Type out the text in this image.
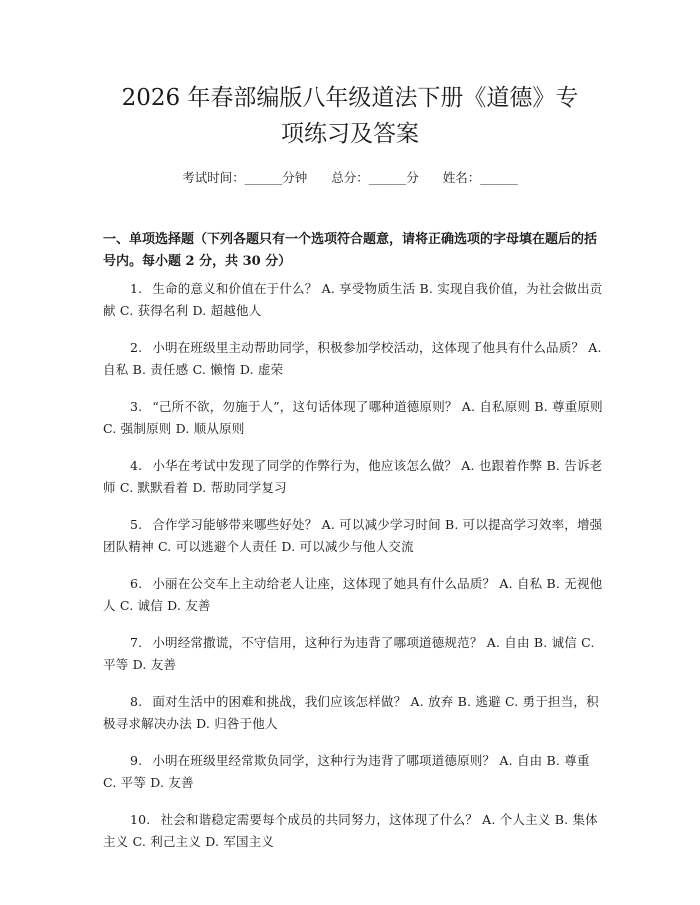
2026 年春部编版八年级道法下册《道德》专
项练习及答案
考试时间：______分钟 总分：______分 姓名：______

一、单项选择题（下列各题只有一个选项符合题意，请将正确选项的字母填在题后的括号内。每小题 2 分，共 30 分）

1. 生命的意义和价值在于什么？ A. 享受物质生活 B. 实现自我价值，为社会做出贡献 C. 获得名利 D. 超越他人

2. 小明在班级里主动帮助同学，积极参加学校活动，这体现了他具有什么品质？ A. 自私 B. 责任感 C. 懒惰 D. 虚荣

3. “己所不欲，勿施于人”，这句话体现了哪种道德原则？ A. 自私原则 B. 尊重原则 C. 强制原则 D. 顺从原则

4. 小华在考试中发现了同学的作弊行为，他应该怎么做？ A. 也跟着作弊 B. 告诉老师 C. 默默看着 D. 帮助同学复习

5. 合作学习能够带来哪些好处？ A. 可以减少学习时间 B. 可以提高学习效率，增强团队精神 C. 可以逃避个人责任 D. 可以减少与他人交流

6. 小丽在公交车上主动给老人让座，这体现了她具有什么品质？ A. 自私 B. 无视他人 C. 诚信 D. 友善

7. 小明经常撒谎，不守信用，这种行为违背了哪项道德规范？ A. 自由 B. 诚信 C. 平等 D. 友善

8. 面对生活中的困难和挑战，我们应该怎样做？ A. 放弃 B. 逃避 C. 勇于担当，积极寻求解决办法 D. 归咎于他人

9. 小明在班级里经常欺负同学，这种行为违背了哪项道德原则？ A. 自由 B. 尊重 C. 平等 D. 友善

10. 社会和谐稳定需要每个成员的共同努力，这体现了什么？ A. 个人主义 B. 集体主义 C. 利己主义 D. 军国主义
